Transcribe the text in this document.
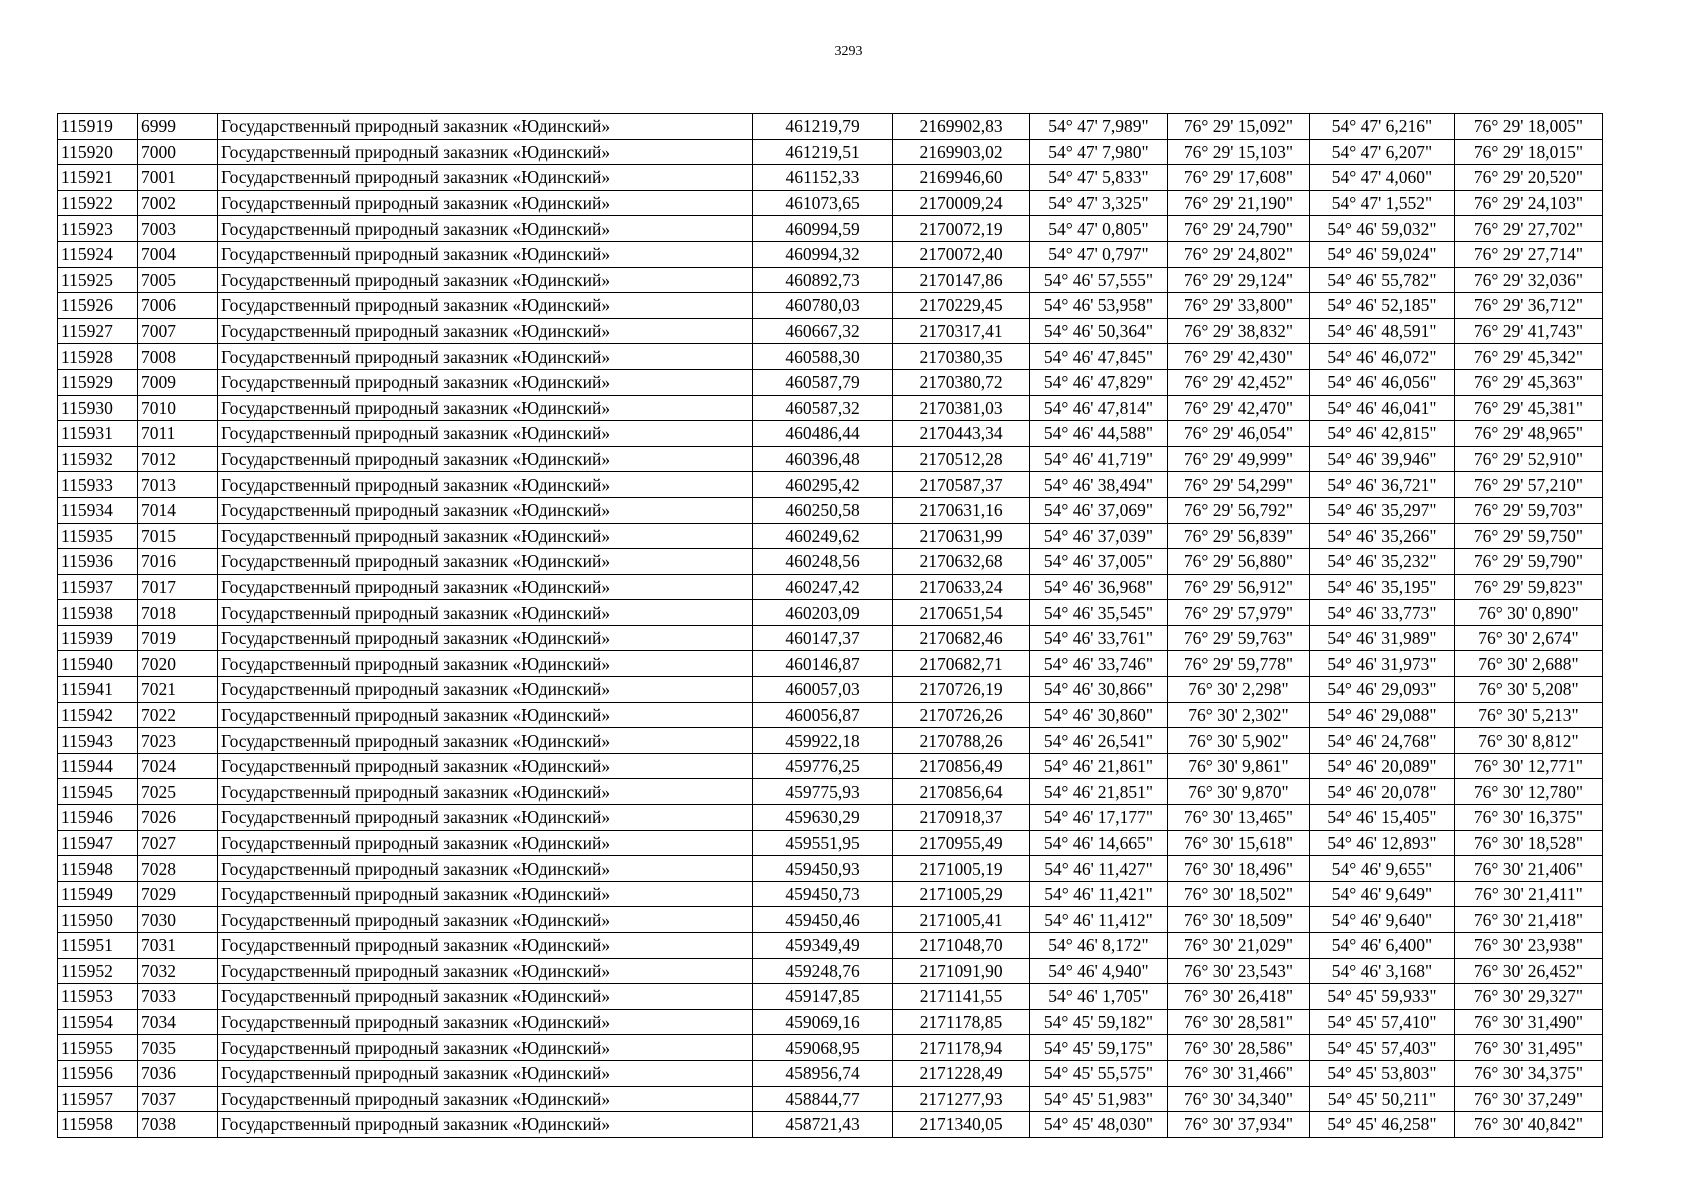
3293
115919	6999	Государственный природный заказник «Юдинский»	461219,79	2169902,83	54° 47' 7,989"	76° 29' 15,092"	54° 47' 6,216"	76° 29' 18,005"
115920	7000	Государственный природный заказник «Юдинский»	461219,51	2169903,02	54° 47' 7,980"	76° 29' 15,103"	54° 47' 6,207"	76° 29' 18,015"
115921	7001	Государственный природный заказник «Юдинский»	461152,33	2169946,60	54° 47' 5,833"	76° 29' 17,608"	54° 47' 4,060"	76° 29' 20,520"
115922	7002	Государственный природный заказник «Юдинский»	461073,65	2170009,24	54° 47' 3,325"	76° 29' 21,190"	54° 47' 1,552"	76° 29' 24,103"
115923	7003	Государственный природный заказник «Юдинский»	460994,59	2170072,19	54° 47' 0,805"	76° 29' 24,790"	54° 46' 59,032"	76° 29' 27,702"
115924	7004	Государственный природный заказник «Юдинский»	460994,32	2170072,40	54° 47' 0,797"	76° 29' 24,802"	54° 46' 59,024"	76° 29' 27,714"
115925	7005	Государственный природный заказник «Юдинский»	460892,73	2170147,86	54° 46' 57,555"	76° 29' 29,124"	54° 46' 55,782"	76° 29' 32,036"
115926	7006	Государственный природный заказник «Юдинский»	460780,03	2170229,45	54° 46' 53,958"	76° 29' 33,800"	54° 46' 52,185"	76° 29' 36,712"
115927	7007	Государственный природный заказник «Юдинский»	460667,32	2170317,41	54° 46' 50,364"	76° 29' 38,832"	54° 46' 48,591"	76° 29' 41,743"
115928	7008	Государственный природный заказник «Юдинский»	460588,30	2170380,35	54° 46' 47,845"	76° 29' 42,430"	54° 46' 46,072"	76° 29' 45,342"
115929	7009	Государственный природный заказник «Юдинский»	460587,79	2170380,72	54° 46' 47,829"	76° 29' 42,452"	54° 46' 46,056"	76° 29' 45,363"
115930	7010	Государственный природный заказник «Юдинский»	460587,32	2170381,03	54° 46' 47,814"	76° 29' 42,470"	54° 46' 46,041"	76° 29' 45,381"
115931	7011	Государственный природный заказник «Юдинский»	460486,44	2170443,34	54° 46' 44,588"	76° 29' 46,054"	54° 46' 42,815"	76° 29' 48,965"
115932	7012	Государственный природный заказник «Юдинский»	460396,48	2170512,28	54° 46' 41,719"	76° 29' 49,999"	54° 46' 39,946"	76° 29' 52,910"
115933	7013	Государственный природный заказник «Юдинский»	460295,42	2170587,37	54° 46' 38,494"	76° 29' 54,299"	54° 46' 36,721"	76° 29' 57,210"
115934	7014	Государственный природный заказник «Юдинский»	460250,58	2170631,16	54° 46' 37,069"	76° 29' 56,792"	54° 46' 35,297"	76° 29' 59,703"
115935	7015	Государственный природный заказник «Юдинский»	460249,62	2170631,99	54° 46' 37,039"	76° 29' 56,839"	54° 46' 35,266"	76° 29' 59,750"
115936	7016	Государственный природный заказник «Юдинский»	460248,56	2170632,68	54° 46' 37,005"	76° 29' 56,880"	54° 46' 35,232"	76° 29' 59,790"
115937	7017	Государственный природный заказник «Юдинский»	460247,42	2170633,24	54° 46' 36,968"	76° 29' 56,912"	54° 46' 35,195"	76° 29' 59,823"
115938	7018	Государственный природный заказник «Юдинский»	460203,09	2170651,54	54° 46' 35,545"	76° 29' 57,979"	54° 46' 33,773"	76° 30' 0,890"
115939	7019	Государственный природный заказник «Юдинский»	460147,37	2170682,46	54° 46' 33,761"	76° 29' 59,763"	54° 46' 31,989"	76° 30' 2,674"
115940	7020	Государственный природный заказник «Юдинский»	460146,87	2170682,71	54° 46' 33,746"	76° 29' 59,778"	54° 46' 31,973"	76° 30' 2,688"
115941	7021	Государственный природный заказник «Юдинский»	460057,03	2170726,19	54° 46' 30,866"	76° 30' 2,298"	54° 46' 29,093"	76° 30' 5,208"
115942	7022	Государственный природный заказник «Юдинский»	460056,87	2170726,26	54° 46' 30,860"	76° 30' 2,302"	54° 46' 29,088"	76° 30' 5,213"
115943	7023	Государственный природный заказник «Юдинский»	459922,18	2170788,26	54° 46' 26,541"	76° 30' 5,902"	54° 46' 24,768"	76° 30' 8,812"
115944	7024	Государственный природный заказник «Юдинский»	459776,25	2170856,49	54° 46' 21,861"	76° 30' 9,861"	54° 46' 20,089"	76° 30' 12,771"
115945	7025	Государственный природный заказник «Юдинский»	459775,93	2170856,64	54° 46' 21,851"	76° 30' 9,870"	54° 46' 20,078"	76° 30' 12,780"
115946	7026	Государственный природный заказник «Юдинский»	459630,29	2170918,37	54° 46' 17,177"	76° 30' 13,465"	54° 46' 15,405"	76° 30' 16,375"
115947	7027	Государственный природный заказник «Юдинский»	459551,95	2170955,49	54° 46' 14,665"	76° 30' 15,618"	54° 46' 12,893"	76° 30' 18,528"
115948	7028	Государственный природный заказник «Юдинский»	459450,93	2171005,19	54° 46' 11,427"	76° 30' 18,496"	54° 46' 9,655"	76° 30' 21,406"
115949	7029	Государственный природный заказник «Юдинский»	459450,73	2171005,29	54° 46' 11,421"	76° 30' 18,502"	54° 46' 9,649"	76° 30' 21,411"
115950	7030	Государственный природный заказник «Юдинский»	459450,46	2171005,41	54° 46' 11,412"	76° 30' 18,509"	54° 46' 9,640"	76° 30' 21,418"
115951	7031	Государственный природный заказник «Юдинский»	459349,49	2171048,70	54° 46' 8,172"	76° 30' 21,029"	54° 46' 6,400"	76° 30' 23,938"
115952	7032	Государственный природный заказник «Юдинский»	459248,76	2171091,90	54° 46' 4,940"	76° 30' 23,543"	54° 46' 3,168"	76° 30' 26,452"
115953	7033	Государственный природный заказник «Юдинский»	459147,85	2171141,55	54° 46' 1,705"	76° 30' 26,418"	54° 45' 59,933"	76° 30' 29,327"
115954	7034	Государственный природный заказник «Юдинский»	459069,16	2171178,85	54° 45' 59,182"	76° 30' 28,581"	54° 45' 57,410"	76° 30' 31,490"
115955	7035	Государственный природный заказник «Юдинский»	459068,95	2171178,94	54° 45' 59,175"	76° 30' 28,586"	54° 45' 57,403"	76° 30' 31,495"
115956	7036	Государственный природный заказник «Юдинский»	458956,74	2171228,49	54° 45' 55,575"	76° 30' 31,466"	54° 45' 53,803"	76° 30' 34,375"
115957	7037	Государственный природный заказник «Юдинский»	458844,77	2171277,93	54° 45' 51,983"	76° 30' 34,340"	54° 45' 50,211"	76° 30' 37,249"
115958	7038	Государственный природный заказник «Юдинский»	458721,43	2171340,05	54° 45' 48,030"	76° 30' 37,934"	54° 45' 46,258"	76° 30' 40,842"
